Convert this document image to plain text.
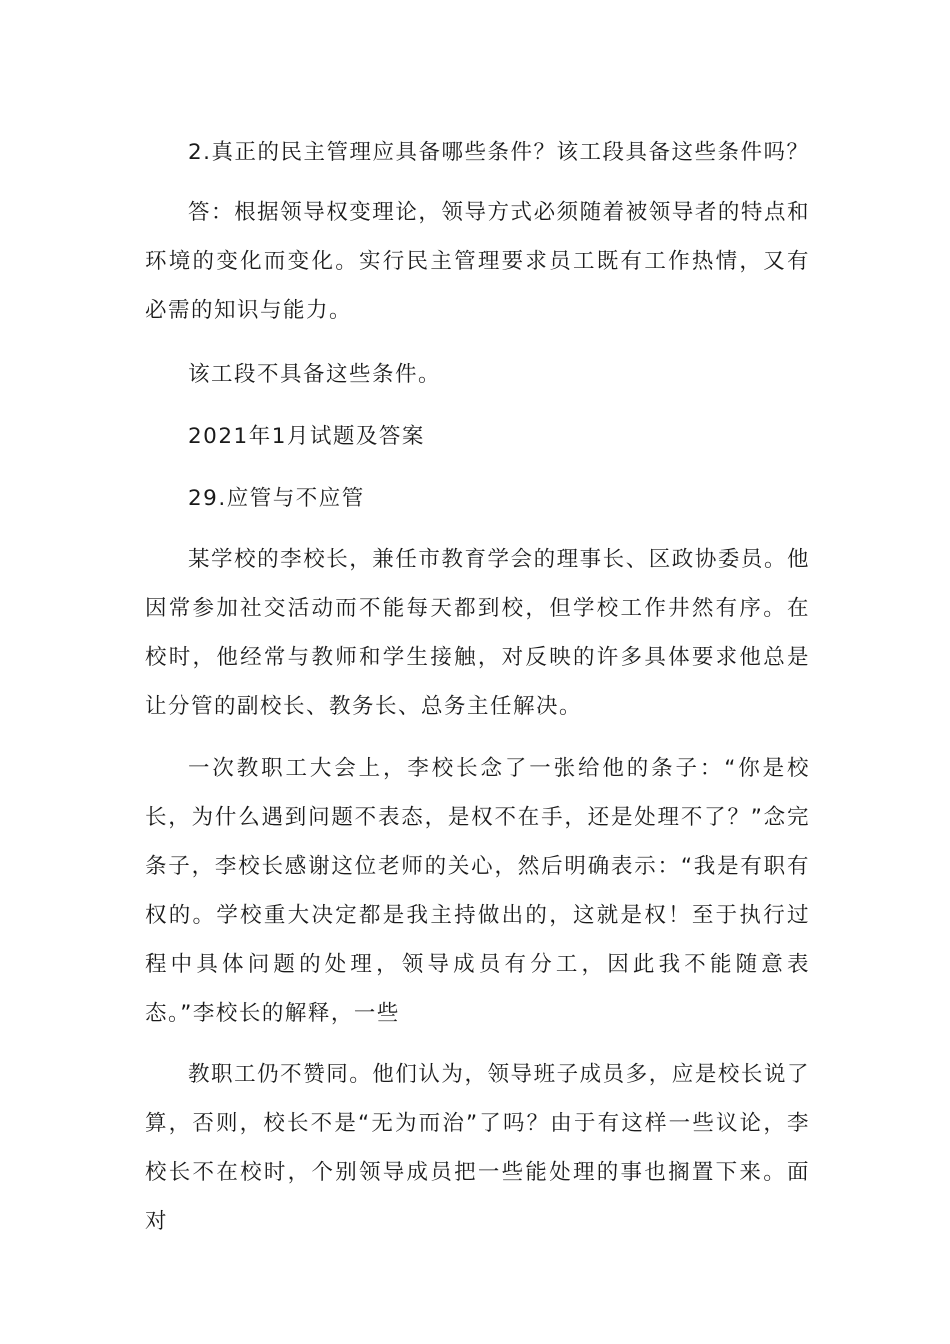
2.真正的民主管理应具备哪些条件？该工段具备这些条件吗？

答：根据领导权变理论，领导方式必须随着被领导者的特点和环境的变化而变化。实行民主管理要求员工既有工作热情，又有必需的知识与能力。

该工段不具备这些条件。

2021年1月试题及答案

29.应管与不应管

某学校的李校长，兼任市教育学会的理事长、区政协委员。他因常参加社交活动而不能每天都到校，但学校工作井然有序。在校时，他经常与教师和学生接触，对反映的许多具体要求他总是让分管的副校长、教务长、总务主任解决。

一次教职工大会上，李校长念了一张给他的条子：“你是校长，为什么遇到问题不表态，是权不在手，还是处理不了？”念完条子，李校长感谢这位老师的关心，然后明确表示：“我是有职有权的。学校重大决定都是我主持做出的，这就是权！至于执行过程中具体问题的处理，领导成员有分工，因此我不能随意表态。”李校长的解释，一些

教职工仍不赞同。他们认为，领导班子成员多，应是校长说了算，否则，校长不是“无为而治”了吗？由于有这样一些议论，李校长不在校时，个别领导成员把一些能处理的事也搁置下来。面对
